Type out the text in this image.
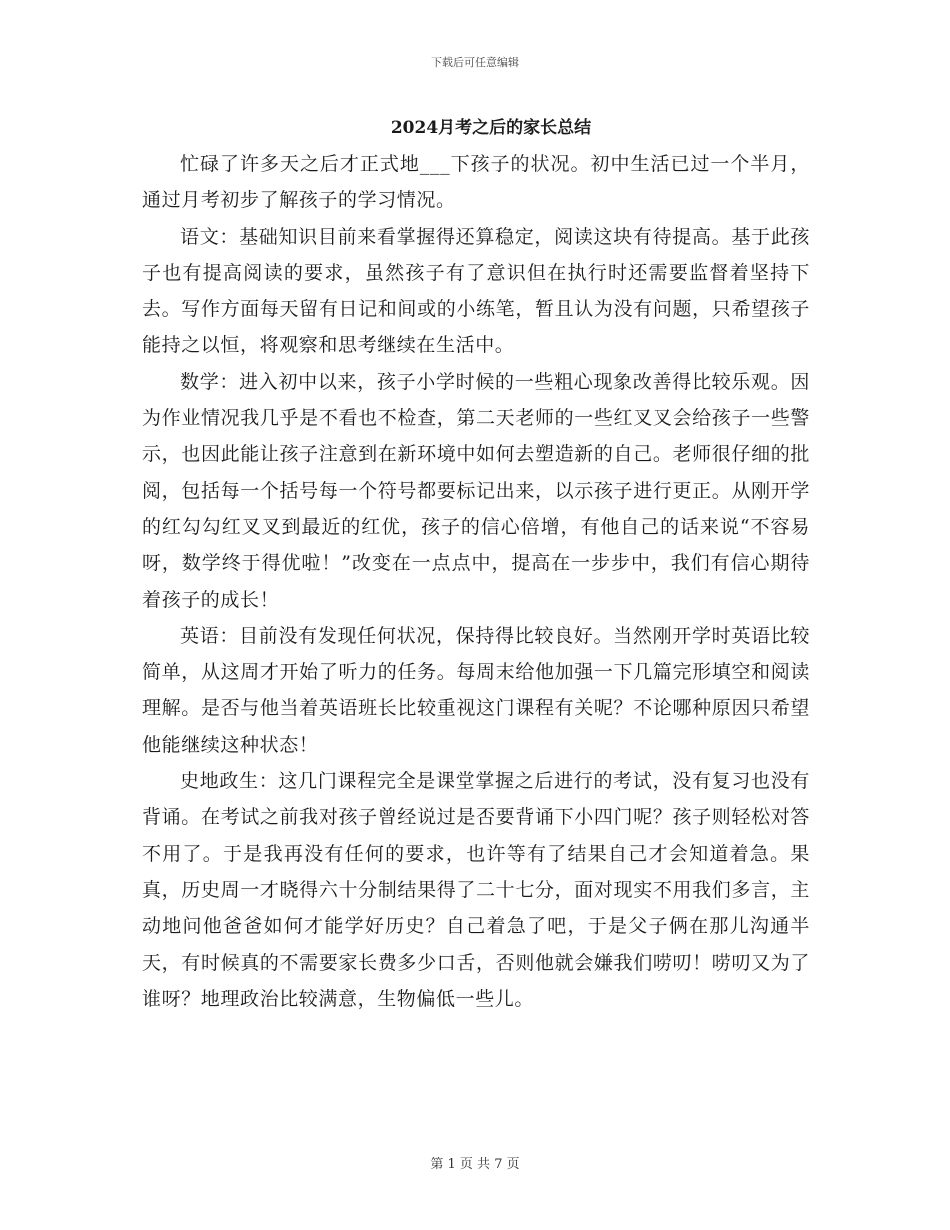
下载后可任意编辑
2024月考之后的家长总结

忙碌了许多天之后才正式地___下孩子的状况。初中生活已过一个半月，通过月考初步了解孩子的学习情况。

语文：基础知识目前来看掌握得还算稳定，阅读这块有待提高。基于此孩子也有提高阅读的要求，虽然孩子有了意识但在执行时还需要监督着坚持下去。写作方面每天留有日记和间或的小练笔，暂且认为没有问题，只希望孩子能持之以恒，将观察和思考继续在生活中。

数学：进入初中以来，孩子小学时候的一些粗心现象改善得比较乐观。因为作业情况我几乎是不看也不检查，第二天老师的一些红叉叉会给孩子一些警示，也因此能让孩子注意到在新环境中如何去塑造新的自己。老师很仔细的批阅，包括每一个括号每一个符号都要标记出来，以示孩子进行更正。从刚开学的红勾勾红叉叉到最近的红优，孩子的信心倍增，有他自己的话来说“不容易呀，数学终于得优啦！”改变在一点点中，提高在一步步中，我们有信心期待着孩子的成长！

英语：目前没有发现任何状况，保持得比较良好。当然刚开学时英语比较简单，从这周才开始了听力的任务。每周末给他加强一下几篇完形填空和阅读理解。是否与他当着英语班长比较重视这门课程有关呢？不论哪种原因只希望他能继续这种状态！

史地政生：这几门课程完全是课堂掌握之后进行的考试，没有复习也没有背诵。在考试之前我对孩子曾经说过是否要背诵下小四门呢？孩子则轻松对答不用了。于是我再没有任何的要求，也许等有了结果自己才会知道着急。果真，历史周一才晓得六十分制结果得了二十七分，面对现实不用我们多言，主动地问他爸爸如何才能学好历史？自己着急了吧，于是父子俩在那儿沟通半天，有时候真的不需要家长费多少口舌，否则他就会嫌我们唠叨！唠叨又为了谁呀？地理政治比较满意，生物偏低一些儿。

第 1 页 共 7 页
